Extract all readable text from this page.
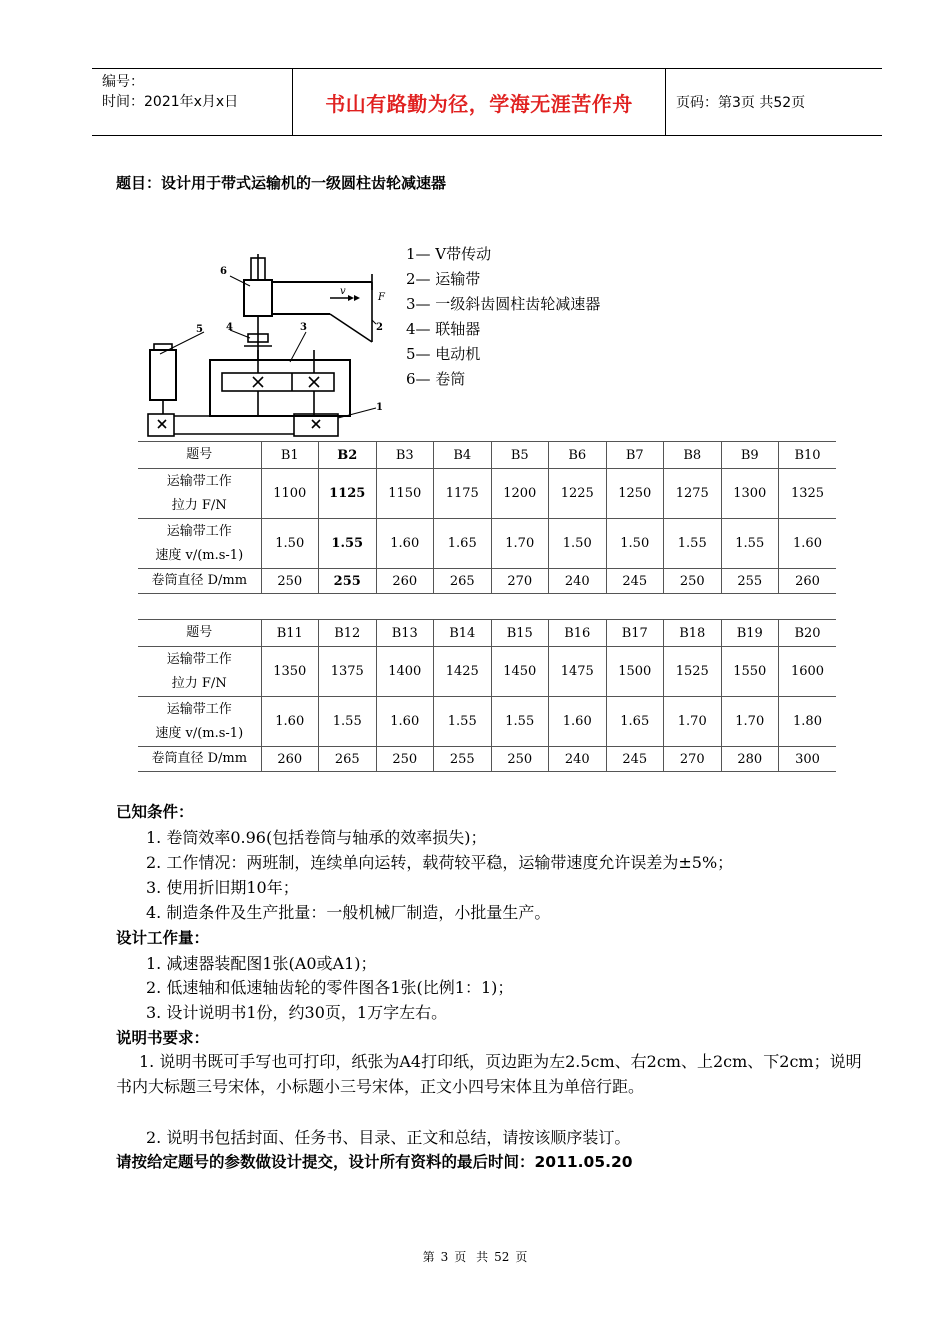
编号：
时间：2021年x月x日	书山有路勤为径，学海无涯苦作舟	页码：第3页 共52页
题目：设计用于带式运输机的一级圆柱齿轮减速器
6
5 4	3	2
1
v
F
1— V带传动
2— 运输带
3— 一级斜齿圆柱齿轮减速器
4— 联轴器
5— 电动机
6— 卷筒
题号	B1	B2	B3	B4	B5	B6	B7	B8	B9	B10

运输带工作
拉力 F/N	1100	1125	1150	1175	1200	1225	1250	1275	1300	1325

运输带工作
速度 v/(m.s-1)	1.50	1.55	1.60	1.65	1.70	1.50	1.50	1.55	1.55	1.60
卷筒直径 D/mm	250	255	260	265	270	240	245	250	255	260
题号	B11	B12	B13	B14	B15	B16	B17	B18	B19	B20

运输带工作
拉力 F/N	1350	1375	1400	1425	1450	1475	1500	1525	1550	1600

运输带工作
速度 v/(m.s-1)	1.60	1.55	1.60	1.55	1.55	1.60	1.65	1.70	1.70	1.80
卷筒直径 D/mm	260	265	250	255	250	240	245	270	280	300
已知条件：
1. 卷筒效率0.96(包括卷筒与轴承的效率损失)；
2. 工作情况：两班制，连续单向运转，载荷较平稳，运输带速度允许误差为±5%；
3. 使用折旧期10年；
4. 制造条件及生产批量：一般机械厂制造，小批量生产。
设计工作量：
1. 减速器装配图1张(A0或A1)；
2. 低速轴和低速轴齿轮的零件图各1张(比例1：1)；
3. 设计说明书1份，约30页，1万字左右。
说明书要求：
1. 说明书既可手写也可打印，纸张为A4打印纸，页边距为左2.5cm、右2cm、上2cm、下2cm；说明书内大标题三号宋体，小标题小三号宋体，正文小四号宋体且为单倍行距。
2. 说明书包括封面、任务书、目录、正文和总结，请按该顺序装订。
请按给定题号的参数做设计提交，设计所有资料的最后时间：2011.05.20
第 3 页 共 52 页
